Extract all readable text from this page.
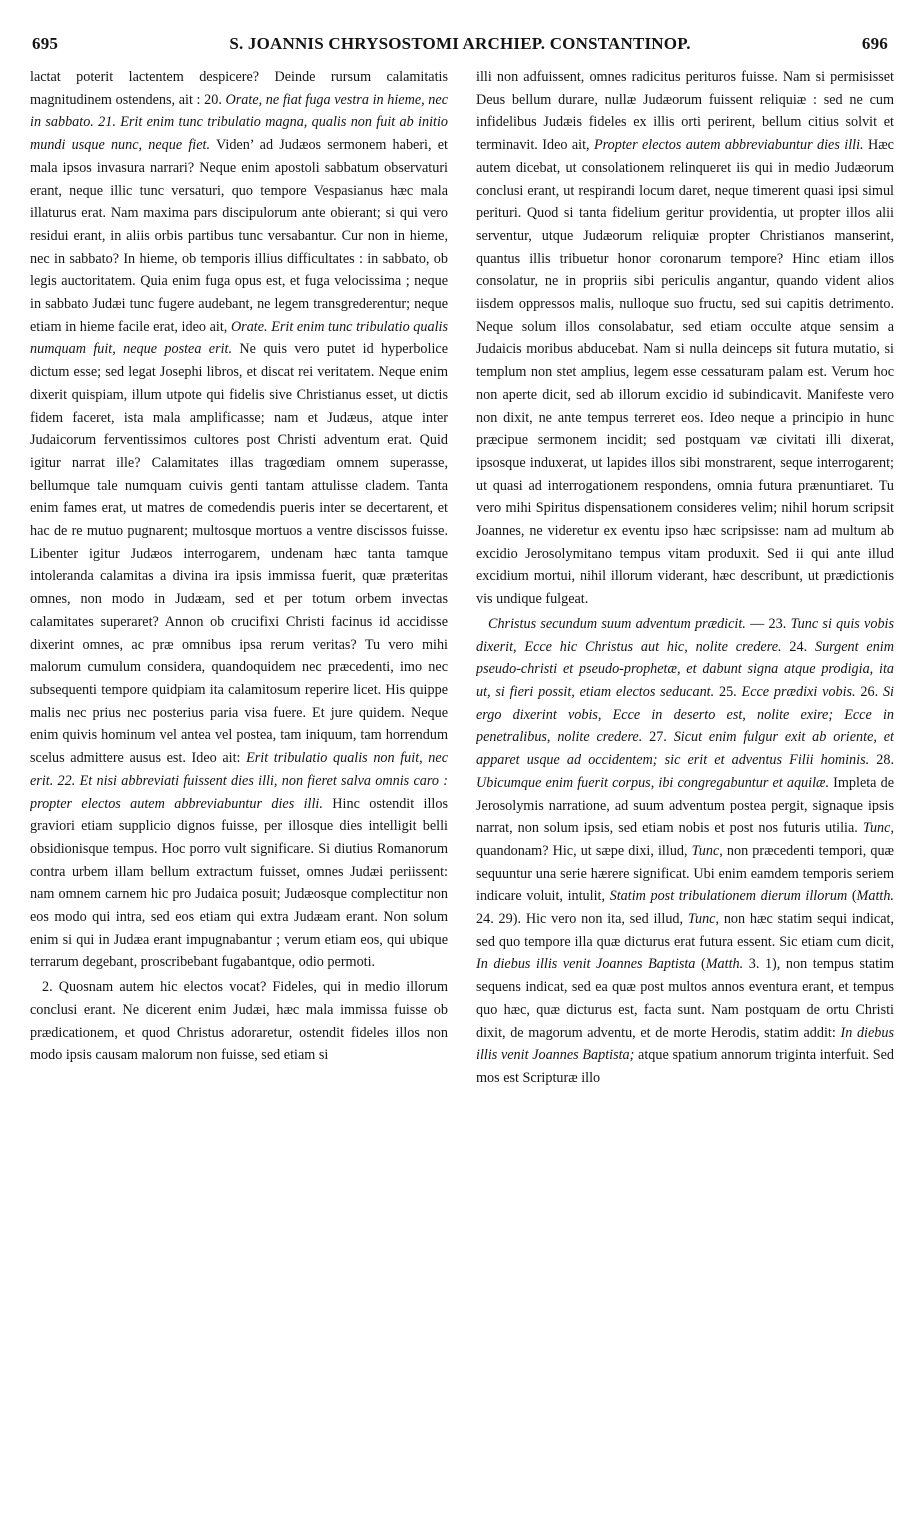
695	S. JOANNIS CHRYSOSTOMI ARCHIEP. CONSTANTINOP.	696

lactat poterit lactentem despicere? Deinde rursum calamitatis magnitudinem ostendens, ait : 20. Orate, ne fiat fuga vestra in hieme, nec in sabbato. 21. Erit enim tunc tribulatio magna, qualis non fuit ab initio mundi usque nunc, neque fiet. Viden’ ad Judæos sermonem haberi, et mala ipsos invasura narrari? Neque enim apostoli sabbatum observaturi erant, neque illic tunc versaturi, quo tempore Vespasianus hæc mala illaturus erat. Nam maxima pars discipulorum ante obierant; si qui vero residui erant, in aliis orbis partibus tunc versabantur. Cur non in hieme, nec in sabbato? In hieme, ob temporis illius difficultates : in sabbato, ob legis auctoritatem. Quia enim fuga opus est, et fuga velocissima ; neque in sabbato Judæi tunc fugere audebant, ne legem transgrederentur; neque etiam in hieme facile erat, ideo ait, Orate. Erit enim tunc tribulatio qualis numquam fuit, neque postea erit. Ne quis vero putet id hyperbolice dictum esse; sed legat Josephi libros, et discat rei veritatem. Neque enim dixerit quispiam, illum utpote qui fidelis sive Christianus esset, ut dictis fidem faceret, ista mala amplificasse; nam et Judæus, atque inter Judaicorum ferventissimos cultores post Christi adventum erat. Quid igitur narrat ille? Calamitates illas tragœdiam omnem superasse, bellumque tale numquam cuivis genti tantam attulisse cladem. Tanta enim fames erat, ut matres de comedendis pueris inter se decertarent, et hac de re mutuo pugnarent; multosque mortuos a ventre discissos fuisse. Libenter igitur Judæos interrogarem, undenam hæc tanta tamque intoleranda calamitas a divina ira ipsis immissa fuerit, quæ præteritas omnes, non modo in Judæam, sed et per totum orbem invectas calamitates superaret? Annon ob crucifixi Christi facinus id accidisse dixerint omnes, ac præ omnibus ipsa rerum veritas? Tu vero mihi malorum cumulum considera, quandoquidem nec præcedenti, imo nec subsequenti tempore quidpiam ita calamitosum reperire licet. His quippe malis nec prius nec posterius paria visa fuere. Et jure quidem. Neque enim quivis hominum vel antea vel postea, tam iniquum, tam horrendum scelus admittere ausus est. Ideo ait: Erit tribulatio qualis non fuit, nec erit. 22. Et nisi abbreviati fuissent dies illi, non fieret salva omnis caro : propter electos autem abbreviabuntur dies illi. Hinc ostendit illos graviori etiam supplicio dignos fuisse, per illosque dies intelligit belli obsidionisque tempus. Hoc porro vult significare. Si diutius Romanorum contra urbem illam bellum extractum fuisset, omnes Judæi periissent: nam omnem carnem hic pro Judaica posuit; Judæosque complectitur non eos modo qui intra, sed eos etiam qui extra Judæam erant. Non solum enim si qui in Judæa erant impugnabantur ; verum etiam eos, qui ubique terrarum degebant, proscribebant fugabantque, odio permoti.

2. Quosnam autem hic electos vocat? Fideles, qui in medio illorum conclusi erant. Ne dicerent enim Judæi, hæc mala immissa fuisse ob prædicationem, et quod Christus adoraretur, ostendit fideles illos non modo ipsis causam malorum non fuisse, sed etiam si

illi non adfuissent, omnes radicitus perituros fuisse. Nam si permisisset Deus bellum durare, nullæ Judæorum fuissent reliquiæ : sed ne cum infidelibus Judæis fideles ex illis orti perirent, bellum citius solvit et terminavit. Ideo ait, Propter electos autem abbreviabuntur dies illi. Hæc autem dicebat, ut consolationem relinqueret iis qui in medio Judæorum conclusi erant, ut respirandi locum daret, neque timerent quasi ipsi simul perituri. Quod si tanta fidelium geritur providentia, ut propter illos alii serventur, utque Judæorum reliquiæ propter Christianos manserint, quantus illis tribuetur honor coronarum tempore? Hinc etiam illos consolatur, ne in propriis sibi periculis angantur, quando vident alios iisdem oppressos malis, nulloque suo fructu, sed sui capitis detrimento. Neque solum illos consolabatur, sed etiam occulte atque sensim a Judaicis moribus abducebat. Nam si nulla deinceps sit futura mutatio, si templum non stet amplius, legem esse cessaturam palam est. Verum hoc non aperte dicit, sed ab illorum excidio id subindicavit. Manifeste vero non dixit, ne ante tempus terreret eos. Ideo neque a principio in hunc præcipue sermonem incidit; sed postquam væ civitati illi dixerat, ipsosque induxerat, ut lapides illos sibi monstrarent, seque interrogarent; ut quasi ad interrogationem respondens, omnia futura prænuntiaret. Tu vero mihi Spiritus dispensationem consideres velim; nihil horum scripsit Joannes, ne videretur ex eventu ipso hæc scripsisse: nam ad multum ab excidio Jerosolymitano tempus vitam produxit. Sed ii qui ante illud excidium mortui, nihil illorum viderant, hæc describunt, ut prædictionis vis undique fulgeat.

Christus secundum suum adventum prædicit. — 23. Tunc si quis vobis dixerit, Ecce hic Christus aut hic, nolite credere. 24. Surgent enim pseudo-christi et pseudo-prophetæ, et dabunt signa atque prodigia, ita ut, si fieri possit, etiam electos seducant. 25. Ecce prædixi vobis. 26. Si ergo dixerint vobis, Ecce in deserto est, nolite exire; Ecce in penetralibus, nolite credere. 27. Sicut enim fulgur exit ab oriente, et apparet usque ad occidentem; sic erit et adventus Filii hominis. 28. Ubicumque enim fuerit corpus, ibi congregabuntur et aquilæ. Impleta de Jerosolymis narratione, ad suum adventum postea pergit, signaque ipsis narrat, non solum ipsis, sed etiam nobis et post nos futuris utilia. Tunc, quandonam? Hic, ut sæpe dixi, illud, Tunc, non præcedenti tempori, quæ sequuntur una serie hærere significat. Ubi enim eamdem temporis seriem indicare voluit, intulit, Statim post tribulationem dierum illorum (Matth. 24. 29). Hic vero non ita, sed illud, Tunc, non hæc statim sequi indicat, sed quo tempore illa quæ dicturus erat futura essent. Sic etiam cum dicit, In diebus illis venit Joannes Baptista (Matth. 3. 1), non tempus statim sequens indicat, sed ea quæ post multos annos eventura erant, et tempus quo hæc, quæ dicturus est, facta sunt. Nam postquam de ortu Christi dixit, de magorum adventu, et de morte Herodis, statim addit: In diebus illis venit Joannes Baptista; atque spatium annorum triginta interfuit. Sed mos est Scripturæ illo
